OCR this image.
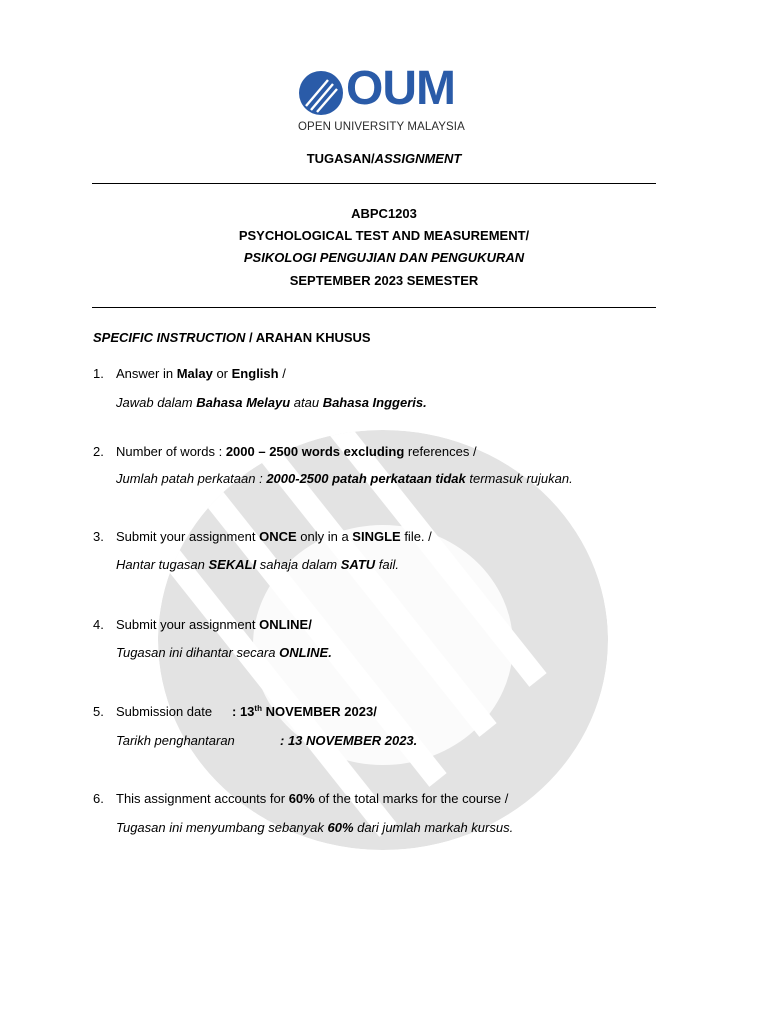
OUM
OPEN UNIVERSITY MALAYSIA
TUGASAN/ASSIGNMENT
ABPC1203
PSYCHOLOGICAL TEST AND MEASUREMENT/
PSIKOLOGI PENGUJIAN DAN PENGUKURAN
SEPTEMBER 2023 SEMESTER
SPECIFIC INSTRUCTION / ARAHAN KHUSUS
1. Answer in Malay or English /
Jawab dalam Bahasa Melayu atau Bahasa Inggeris.
2. Number of words : 2000 – 2500 words excluding references /
Jumlah patah perkataan : 2000-2500 patah perkataan tidak termasuk rujukan.
3. Submit your assignment ONCE only in a SINGLE file. /
Hantar tugasan SEKALI sahaja dalam SATU fail.
4. Submit your assignment ONLINE/
Tugasan ini dihantar secara ONLINE.
5. Submission date : 13th NOVEMBER 2023/
Tarikh penghantaran	: 13 NOVEMBER 2023.
6. This assignment accounts for 60% of the total marks for the course /
Tugasan ini menyumbang sebanyak 60% dari jumlah markah kursus.
